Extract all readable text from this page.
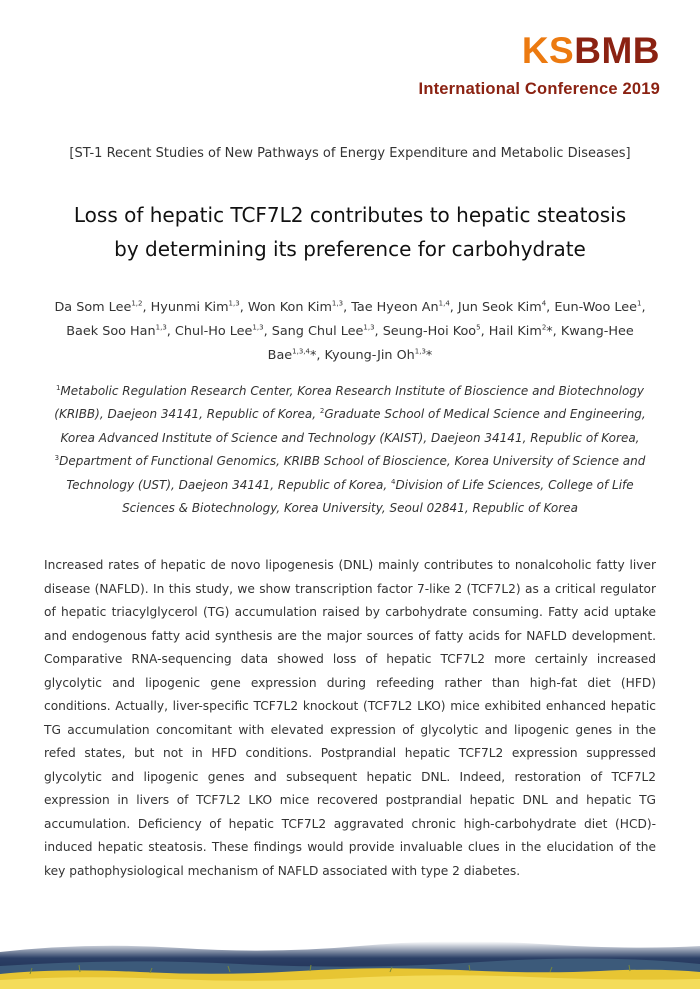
KSBMB
International Conference 2019
[ST-1 Recent Studies of New Pathways of Energy Expenditure and Metabolic Diseases]
Loss of hepatic TCF7L2 contributes to hepatic steatosis
by determining its preference for carbohydrate
Da Som Lee$^{1,2}$, Hyunmi Kim$^{1,3}$, Won Kon Kim$^{1,3}$, Tae Hyeon An$^{1,4}$, Jun Seok Kim$^4$, Eun-Woo Lee$^1$, Baek Soo Han$^{1,3}$, Chul-Ho Lee$^{1,3}$, Sang Chul Lee$^{1,3}$, Seung-Hoi Koo$^5$, Hail Kim$^2$*, Kwang-Hee Bae$^{1,3,4}$*, Kyoung-Jin Oh$^{1,3}$*
$^1$Metabolic Regulation Research Center, Korea Research Institute of Bioscience and Biotechnology (KRIBB), Daejeon 34141, Republic of Korea, $^2$Graduate School of Medical Science and Engineering, Korea Advanced Institute of Science and Technology (KAIST), Daejeon 34141, Republic of Korea, $^3$Department of Functional Genomics, KRIBB School of Bioscience, Korea University of Science and Technology (UST), Daejeon 34141, Republic of Korea, $^4$Division of Life Sciences, College of Life Sciences & Biotechnology, Korea University, Seoul 02841, Republic of Korea

Increased rates of hepatic de novo lipogenesis (DNL) mainly contributes to nonalcoholic fatty liver disease (NAFLD). In this study, we show transcription factor 7-like 2 (TCF7L2) as a critical regulator of hepatic triacylglycerol (TG) accumulation raised by carbohydrate consuming. Fatty acid uptake and endogenous fatty acid synthesis are the major sources of fatty acids for NAFLD development. Comparative RNA-sequencing data showed loss of hepatic TCF7L2 more certainly increased glycolytic and lipogenic gene expression during refeeding rather than high-fat diet (HFD) conditions. Actually, liver-specific TCF7L2 knockout (TCF7L2 LKO) mice exhibited enhanced hepatic TG accumulation concomitant with elevated expression of glycolytic and lipogenic genes in the refed states, but not in HFD conditions. Postprandial hepatic TCF7L2 expression suppressed glycolytic and lipogenic genes and subsequent hepatic DNL. Indeed, restoration of TCF7L2 expression in livers of TCF7L2 LKO mice recovered postprandial hepatic DNL and hepatic TG accumulation. Deficiency of hepatic TCF7L2 aggravated chronic high-carbohydrate diet (HCD)-induced hepatic steatosis. These findings would provide invaluable clues in the elucidation of the key pathophysiological mechanism of NAFLD associated with type 2 diabetes.
